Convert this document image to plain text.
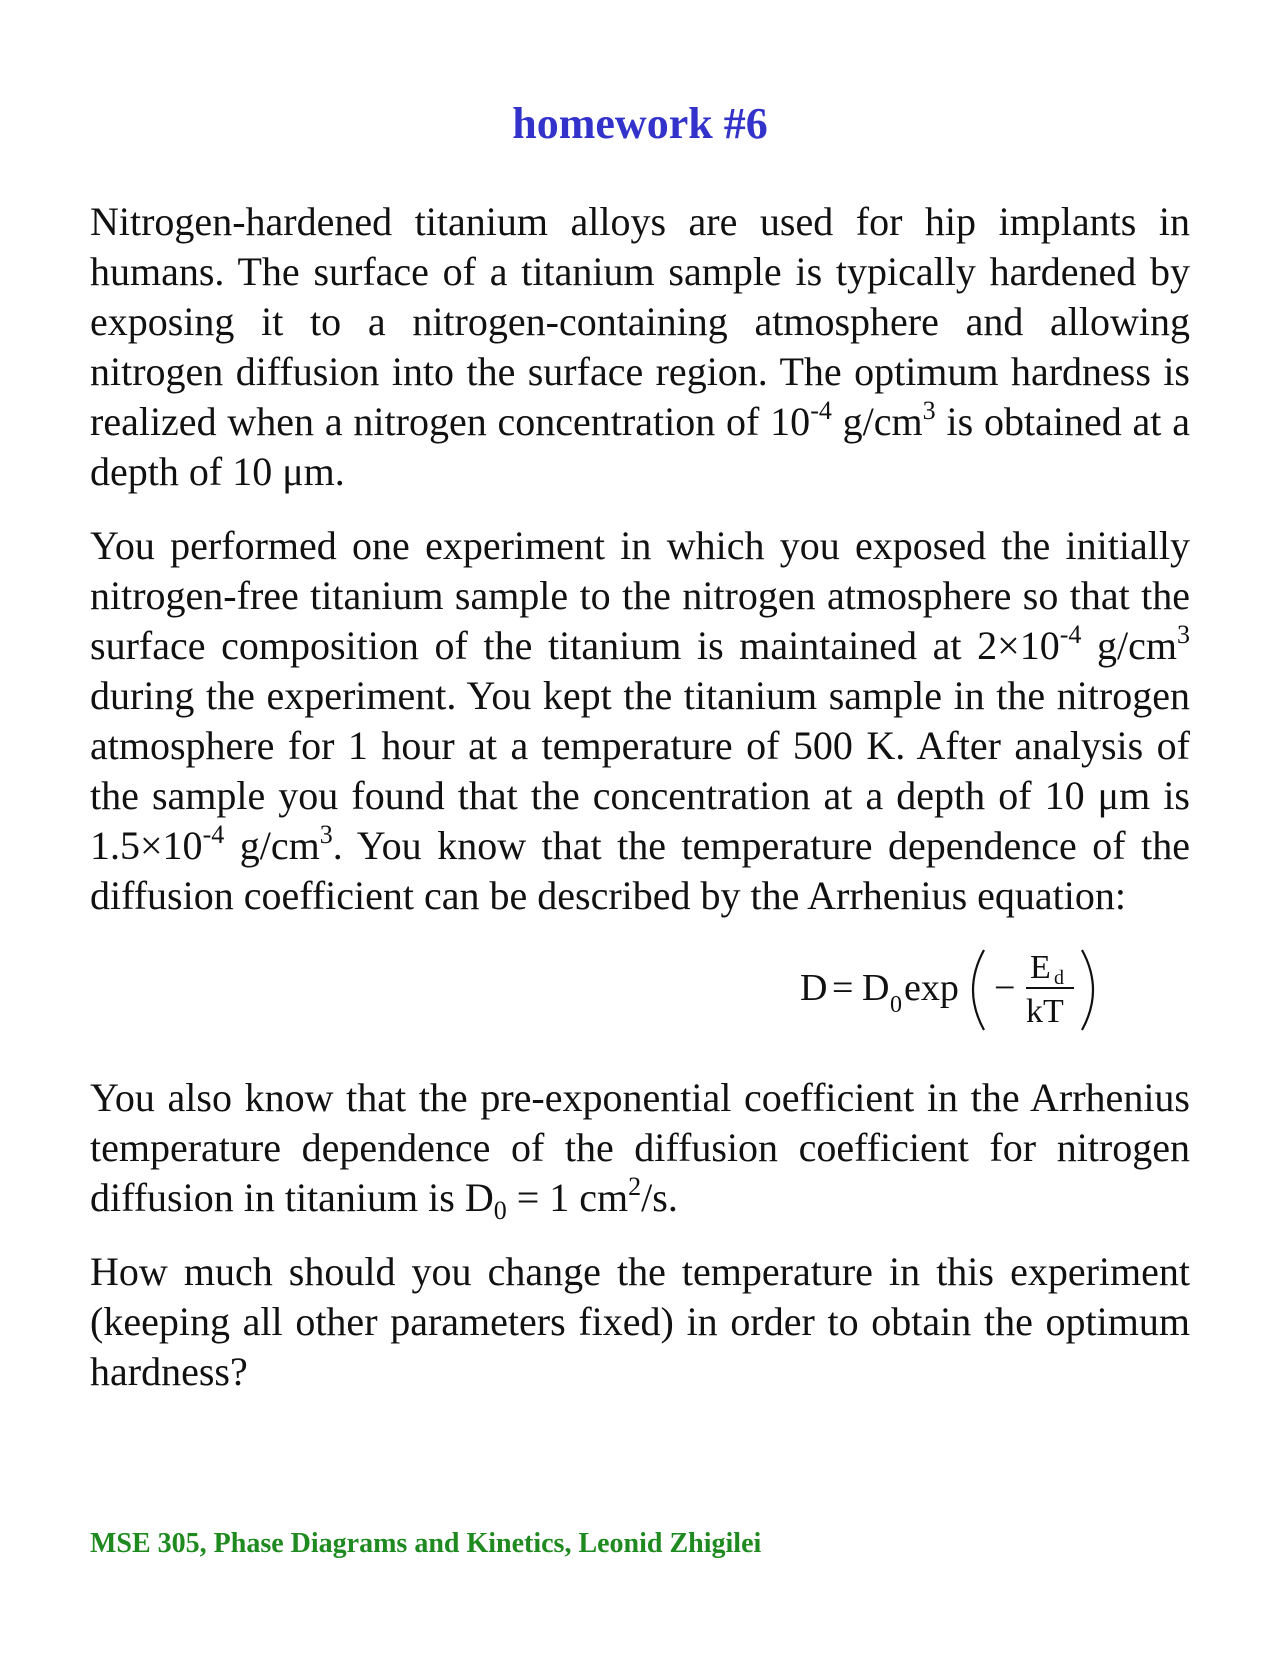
homework #6

Nitrogen-hardened titanium alloys are used for hip implants in humans. The surface of a titanium sample is typically hardened by exposing it to a nitrogen-containing atmosphere and allowing nitrogen diffusion into the surface region. The optimum hardness is realized when a nitrogen concentration of $10^{-4}$ $g/cm^3$ is obtained at a depth of 10 μm.

You performed one experiment in which you exposed the initially nitrogen-free titanium sample to the nitrogen atmosphere so that the surface composition of the titanium is maintained at $2\times 10^{-4}$ $g/cm^3$ during the experiment. You kept the titanium sample in the nitrogen atmosphere for 1 hour at a temperature of 500 K. After analysis of the sample you found that the concentration at a depth of 10 μm is $1.5\times 10^{-4}$ $g/cm^3$. You know that the temperature dependence of the diffusion coefficient can be described by the Arrhenius equation:

D = D 0 exp − E d
kT

You also know that the pre-exponential coefficient in the Arrhenius temperature dependence of the diffusion coefficient for nitrogen diffusion in titanium is $D_0 = 1$ $cm^2/s$.

How much should you change the temperature in this experiment (keeping all other parameters fixed) in order to obtain the optimum hardness?

MSE 305, Phase Diagrams and Kinetics, Leonid Zhigilei
